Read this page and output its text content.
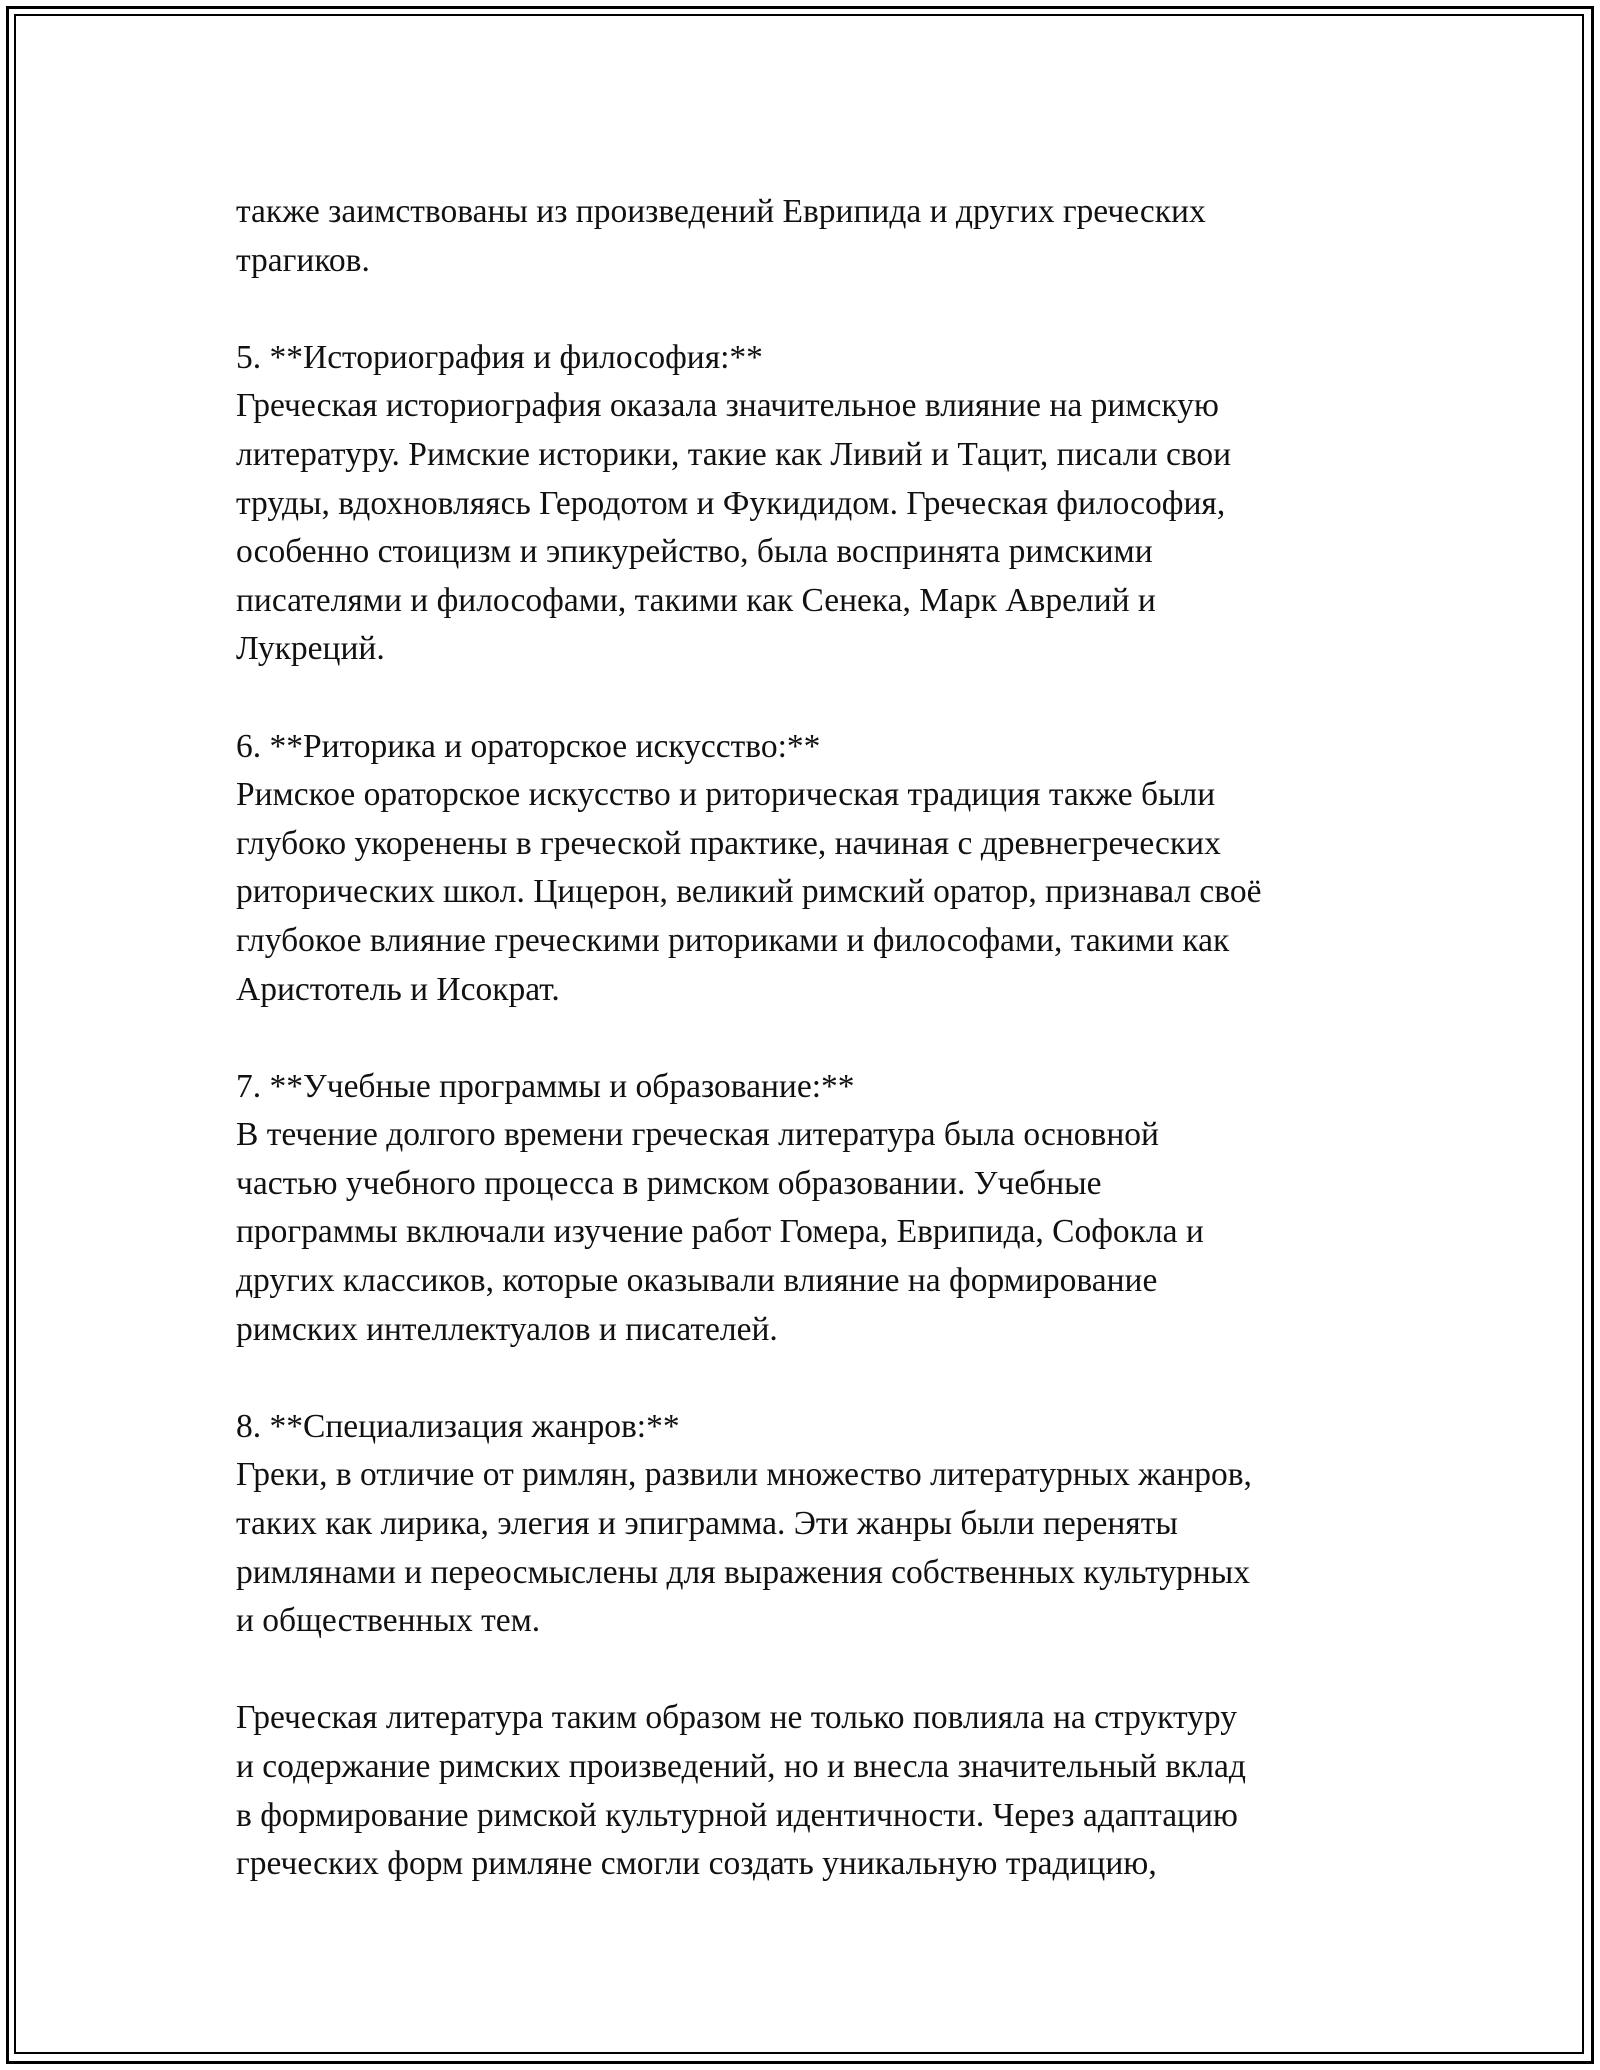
также заимствованы из произведений Еврипида и других греческих
трагиков.
5. **Историография и философия:**
Греческая историография оказала значительное влияние на римскую
литературу. Римские историки, такие как Ливий и Тацит, писали свои
труды, вдохновляясь Геродотом и Фукидидом. Греческая философия,
особенно стоицизм и эпикурейство, была воспринята римскими
писателями и философами, такими как Сенека, Марк Аврелий и
Лукреций.
6. **Риторика и ораторское искусство:**
Римское ораторское искусство и риторическая традиция также были
глубоко укоренены в греческой практике, начиная с древнегреческих
риторических школ. Цицерон, великий римский оратор, признавал своё
глубокое влияние греческими риториками и философами, такими как
Аристотель и Исократ.
7. **Учебные программы и образование:**
В течение долгого времени греческая литература была основной
частью учебного процесса в римском образовании. Учебные
программы включали изучение работ Гомера, Еврипида, Софокла и
других классиков, которые оказывали влияние на формирование
римских интеллектуалов и писателей.
8. **Специализация жанров:**
Греки, в отличие от римлян, развили множество литературных жанров,
таких как лирика, элегия и эпиграмма. Эти жанры были переняты
римлянами и переосмыслены для выражения собственных культурных
и общественных тем.
Греческая литература таким образом не только повлияла на структуру
и содержание римских произведений, но и внесла значительный вклад
в формирование римской культурной идентичности. Через адаптацию
греческих форм римляне смогли создать уникальную традицию,
